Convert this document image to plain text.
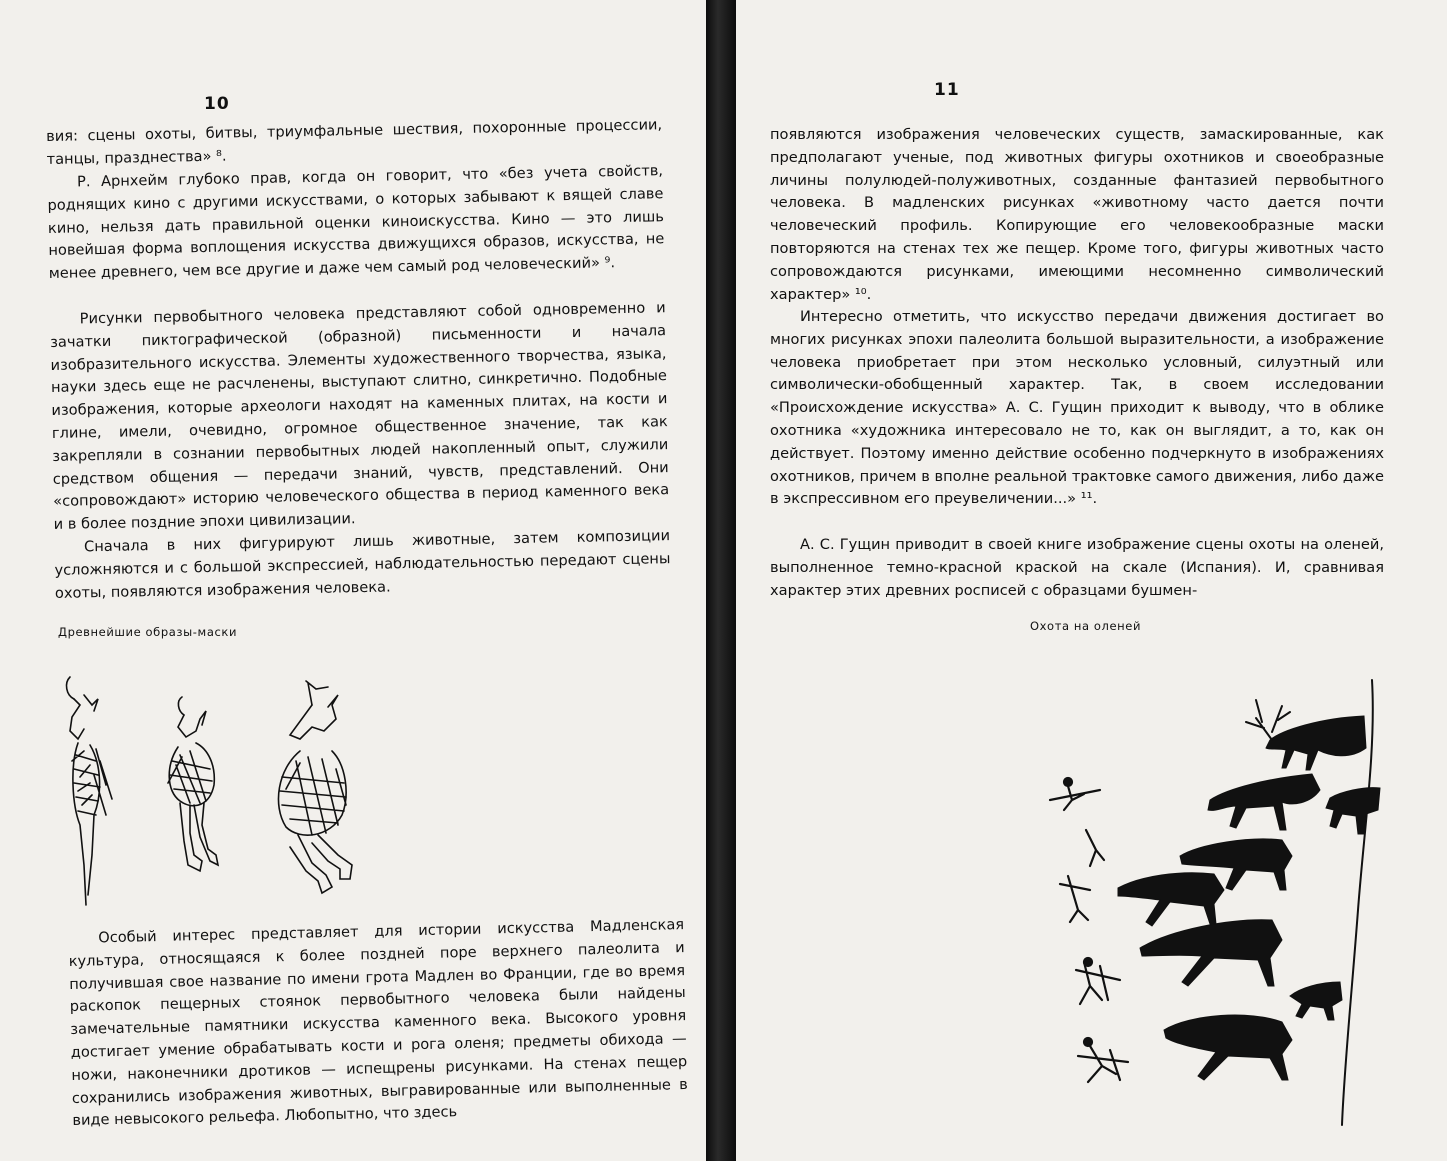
10

вия: сцены охоты, битвы, триумфальные шествия, похоронные процессии, танцы, празднества» ⁸.

Р. Арнхейм глубоко прав, когда он говорит, что «без учета свойств, роднящих кино с другими искусствами, о которых забывают к вящей славе кино, нельзя дать правильной оценки киноискусства. Кино — это лишь новейшая форма воплощения искусства движущихся образов, искусства, не менее древнего, чем все другие и даже чем самый род человеческий» ⁹.

Рисунки первобытного человека представляют собой одновременно и зачатки пиктографической (образной) письменности и начала изобразительного искусства. Элементы художественного творчества, языка, науки здесь еще не расчленены, выступают слитно, синкретично. Подобные изображения, которые археологи находят на каменных плитах, на кости и глине, имели, очевидно, огромное общественное значение, так как закрепляли в сознании первобытных людей накопленный опыт, служили средством общения — передачи знаний, чувств, представлений. Они «сопровождают» историю человеческого общества в период каменного века и в более поздние эпохи цивилизации.

Сначала в них фигурируют лишь животные, затем композиции усложняются и с большой экспрессией, наблюдательностью передают сцены охоты, появляются изображения человека.

Древнейшие образы-маски

Особый интерес представляет для истории искусства Мадленская культура, относящаяся к более поздней поре верхнего палеолита и получившая свое название по имени грота Мадлен во Франции, где во время раскопок пещерных стоянок первобытного человека были найдены замечательные памятники искусства каменного века. Высокого уровня достигает умение обрабатывать кости и рога оленя; предметы обихода — ножи, наконечники дротиков — испещрены рисунками. На стенах пещер сохранились изображения животных, выгравированные или выполненные в виде невысокого рельефа. Любопытно, что здесь

11

появляются изображения человеческих существ, замаскированные, как предполагают ученые, под животных фигуры охотников и своеобразные личины полулюдей-полуживотных, созданные фантазией первобытного человека. В мадленских рисунках «животному часто дается почти человеческий профиль. Копирующие его человекообразные маски повторяются на стенах тех же пещер. Кроме того, фигуры животных часто сопровождаются рисунками, имеющими несомненно символический характер» ¹⁰.

Интересно отметить, что искусство передачи движения достигает во многих рисунках эпохи палеолита большой выразительности, а изображение человека приобретает при этом несколько условный, силуэтный или символически-обобщенный характер. Так, в своем исследовании «Происхождение искусства» А. С. Гущин приходит к выводу, что в облике охотника «художника интересовало не то, как он выглядит, а то, как он действует. Поэтому именно действие особенно подчеркнуто в изображениях охотников, причем в вполне реальной трактовке самого движения, либо даже в экспрессивном его преувеличении...» ¹¹.

А. С. Гущин приводит в своей книге изображение сцены охоты на оленей, выполненное темно-красной краской на скале (Испания). И, сравнивая характер этих древних росписей с образцами бушмен-

Охота на оленей
